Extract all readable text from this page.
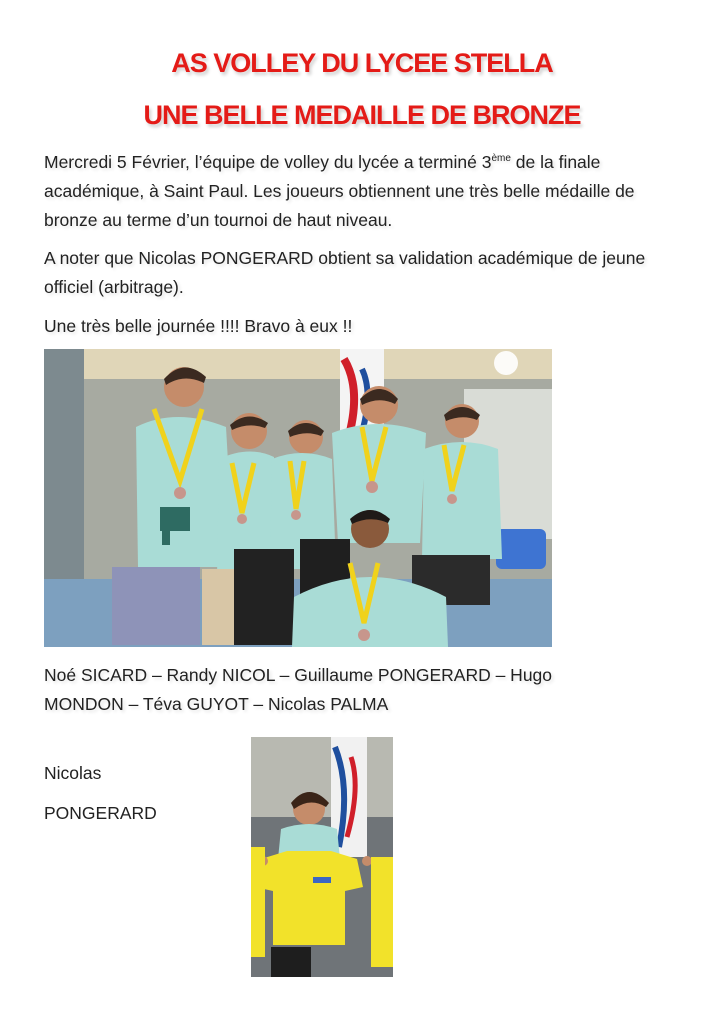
AS VOLLEY DU LYCEE STELLA
UNE BELLE MEDAILLE DE BRONZE

Mercredi 5 Février, l’équipe de volley du lycée a terminé 3ème de la finale académique, à Saint Paul. Les joueurs obtiennent une très belle médaille de bronze au terme d’un tournoi de haut niveau.

A noter que Nicolas PONGERARD obtient sa validation académique de jeune officiel (arbitrage).

Une très belle journée !!!! Bravo à eux !!

Noé SICARD – Randy NICOL – Guillaume PONGERARD – Hugo MONDON – Téva GUYOT – Nicolas PALMA

Nicolas
PONGERARD
